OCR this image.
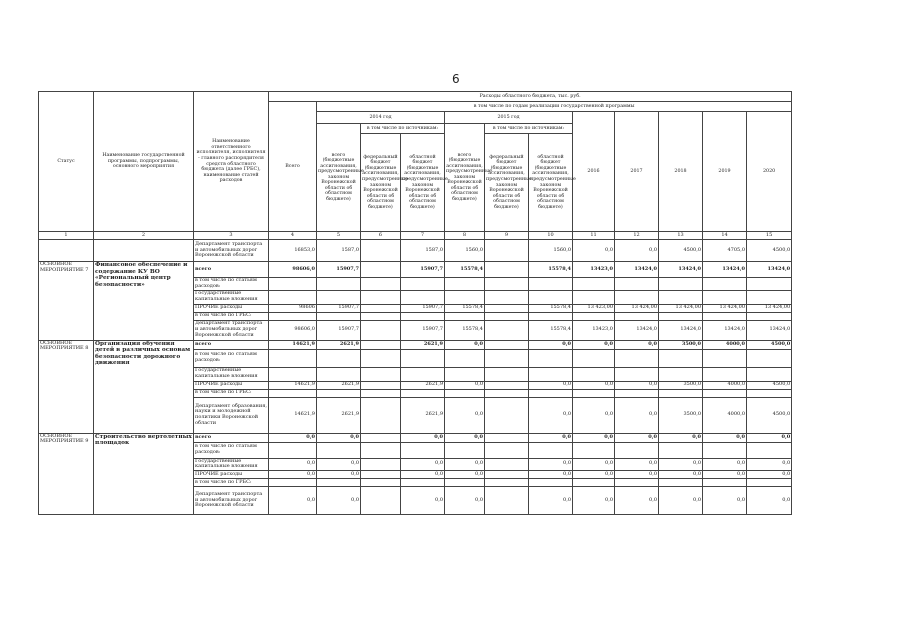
6
Статус	Наименование государственной программы, подпрограммы, основного мероприятия	Наименование ответственного исполнителя, исполнителя - главного распорядителя средств областного бюджета (далее ГРБС), наименование статей расходов	Расходы областного бюджета, тыс. руб.											
			Всего	в том числе по годам реализации государственной программы										
				2014 год			2015 год			2016	2017	2018	2019	2020
				всего (бюджетные ассигнования, предусмотренные законом Воронежской области об областном бюджете)	в том числе по источникам:		всего (бюджетные ассигнования, предусмотренные законом Воронежской области об областном бюджете)	в том числе по источникам:						
					федеральный бюджет (бюджетные ассигнования, предусмотренные законом Воронежской области об областном бюджете)	областной бюджет (бюджетные ассигнования, предусмотренные законом Воронежской области об областном бюджете)		федеральный бюджет (бюджетные ассигнования, предусмотренные законом Воронежской области об областном бюджете)	областной бюджет (бюджетные ассигнования, предусмотренные законом Воронежской области об областном бюджете)					
1	2	3	4	5	6	7	8	9	10	11	12	13	14	15
		Департамент транспорта и автомобильных дорог Воронежской области	16853,0	1587,0		1587,0	1560,0		1560,0	0,0	0,0	4500,0	4705,0	4500,0
ОСНОВНОЕ МЕРОПРИЯТИЕ 7	Финансовое обеспечение и содержание КУ ВО «Региональный центр безопасности»	всего	98606,0	15907,7		15907,7	15578,4		15578,4	13423,0	13424,0	13424,0	13424,0	13424,0
		в том числе по статьям расходов:												
		Государственные капитальные вложения												
		ПРОЧИЕ расходы	98606	15907,7		15907,7	15578,4		15578,4	13 423,00	13 424,00	13 424,00	13 424,00	13 424,00
		в том числе по ГРБС:												
		Департамент транспорта и автомобильных дорог Воронежской области	98606,0	15907,7		15907,7	15578,4		15578,4	13423,0	13424,0	13424,0	13424,0	13424,0
ОСНОВНОЕ МЕРОПРИЯТИЕ 8	Организация обучения детей в различных основам безопасности дорожного движения	всего	14621,9	2621,9		2621,9	0,0		0,0	0,0	0,0	3500,0	4000,0	4500,0
		в том числе по статьям расходов:												
		Государственные капитальные вложения												
		ПРОЧИЕ расходы	14621,9	2621,9		2621,9	0,0		0,0	0,0	0,0	3500,0	4000,0	4500,0
		в том числе по ГРБС:												
		Департамент образования, науки и молодежной политики Воронежской области	14621,9	2621,9		2621,9	0,0		0,0	0,0	0,0	3500,0	4000,0	4500,0
ОСНОВНОЕ МЕРОПРИЯТИЕ 9	Строительство вертолетных площадок	всего	0,0	0,0		0,0	0,0		0,0	0,0	0,0	0,0	0,0	0,0
		в том числе по статьям расходов:												
		Государственные капитальные вложения	0,0	0,0		0,0	0,0		0,0	0,0	0,0	0,0	0,0	0,0
		ПРОЧИЕ расходы	0,0	0,0		0,0	0,0		0,0	0,0	0,0	0,0	0,0	0,0
		в том числе по ГРБС:												
		Департамент транспорта и автомобильных дорог Воронежской области	0,0	0,0		0,0	0,0		0,0	0,0	0,0	0,0	0,0	0,0
